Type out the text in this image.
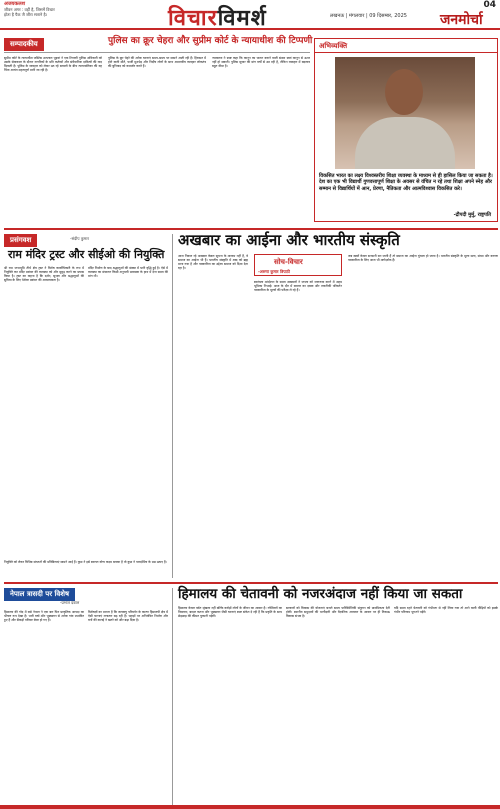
अजयकलश
जीवन अगर : वहीं है, जिसमें विचार
होता है पैक जै जीरा सताने है।	विचारविमर्श	लखनऊ | मंगलवार | 09 दिसम्बर, 2025	जनमोर्चा
04
सम्पादकीय	पुलिस का क्रूर चेहरा और सुप्रीम कोर्ट के न्यायाधीश की टिप्पणी

सुप्रीम कोर्ट के न्यायाधीश जस्टिस उज्ज्वल भुइयां ने एक टिप्पणी पुलिस अधिकारी को उसके सेवाकाल के दौरान नागरिकों के प्रति कर्तव्यों और संवैधानिक दायित्वों की याद दिलाती है। पुलिस के व्यवहार को लेकर उठ रहे सवालों के बीच न्यायपालिका की यह चिंता अत्यंत महत्वपूर्ण मानी जा रही है।

पुलिस के क्रूर चेहरे की अनेक घटनाएं समय-समय पर सामने आती रही हैं। हिरासत में होने वाली मौतें, फर्जी मुठभेड़ और निर्दोष लोगों के साथ अमानवीय व्यवहार लोकतंत्र की बुनियाद को कमजोर करते हैं।

न्यायालय ने स्पष्ट कहा कि कानून का पालन कराने वाली संस्था स्वयं कानून से ऊपर नहीं हो सकती। पुलिस सुधार की मांग वर्षों से उठ रही है, लेकिन व्यवहार में बदलाव बहुत धीमा है।

अभिव्यक्ति
विकसित भारत का लक्ष्य विश्वस्तरीय शिक्षा व्यवस्था के माध्यम से ही हासिल किया जा सकता है। देश का एक भी विद्यार्थी गुणवत्तापूर्ण शिक्षा के अवसर से वंचित न रहे तथा शिक्षा अपने स्नेह और सम्मान से विद्यार्थियों में आन, प्रेरणा, नैतिकता और आत्मविश्वास विकसित करे।
-द्रौपदी मुर्मु, राष्ट्रपति
प्रसंगवश	-संदीप कुमार
राम मंदिर ट्रस्ट और सीईओ की नियुक्ति

श्री राम जन्मभूमि तीर्थ क्षेत्र ट्रस्ट ने विशेष कार्याधिकारी के रूप में नियुक्ति कर मंदिर प्रबंधन की व्यवस्था को और सुदृढ़ करने का प्रयास किया है। ट्रस्ट का कहना है कि दर्शन, सुरक्षा और श्रद्धालुओं की सुविधा के लिए पेशेवर प्रबंधन की आवश्यकता है।

मंदिर निर्माण के बाद श्रद्धालुओं की संख्या में भारी वृद्धि हुई है। ऐसे में व्यवस्था का संचालन किसी अनुभवी प्रशासक के हाथ में देना समय की मांग थी।

नियुक्ति को लेकर विभिन्न संगठनों की प्रतिक्रियाएं सामने आई हैं। कुछ ने इसे स्वागत योग्य कदम बताया है तो कुछ ने पारदर्शिता के प्रश्न उठाए हैं।

अखबार का आईना और भारतीय संस्कृति

आज निकल रहे अखबार केवल सूचना के माध्यम नहीं हैं, वे समाज का आईना भी हैं। भारतीय संस्कृति में शब्द को ब्रह्म माना गया है और पत्रकारिता का उद्देश्य समाज को दिशा देना रहा है।

सोच-विचार
-अरुणा कुमार त्रिपाठी

स्वतंत्रता आंदोलन के समय अखबारों ने जनता को जागरूक करने में अहम भूमिका निभाई। आज के दौर में बाजार का दबाव और तकनीकी परिवर्तन पत्रकारिता के मूल्यों की परीक्षा ले रहे हैं।

जब खबरें केवल सनसनी बन जाती हैं तो समाज का आईना धुंधला हो जाता है। भारतीय संस्कृति के मूल्य सत्य, संयम और करुणा पत्रकारिता के लिए आज भी मार्गदर्शक हैं।

नेपाल त्रासदी पर विशेष
-प्रभात दवाल

हिमालय की गोद में बसे नेपाल ने एक बार फिर प्राकृतिक आपदा का भीषण रूप देखा है। भारी वर्षा और भूस्खलन से अनेक गांव प्रभावित हुए हैं और सैकड़ों परिवार बेघर हो गए हैं।

विशेषज्ञों का मानना है कि जलवायु परिवर्तन के कारण हिमालयी क्षेत्र में ऐसी घटनाएं लगातार बढ़ रही हैं। पहाड़ों पर अनियंत्रित निर्माण और वनों की कटाई ने खतरे को और बढ़ा दिया है।

हिमालय की चेतावनी को नजरअंदाज नहीं किया जा सकता

हिमालय केवल पर्वत श्रृंखला नहीं बल्कि करोड़ों लोगों के जीवन का आधार है। ग्लेशियरों का पिघलना, बादल फटना और भूस्खलन जैसी घटनाएं स्पष्ट संकेत दे रही हैं कि प्रकृति के साथ छेड़छाड़ की कीमत चुकानी पड़ेगी।

सरकारों को विकास की योजनाएं बनाते समय पारिस्थितिकी संतुलन को प्राथमिकता देनी होगी। स्थानीय समुदायों की भागीदारी और वैज्ञानिक अध्ययन के आधार पर ही टिकाऊ विकास संभव है।

यदि समय रहते चेतावनी को गंभीरता से नहीं लिया गया तो आने वाली पीढ़ियों को इसके गंभीर परिणाम भुगतने पड़ेंगे।
